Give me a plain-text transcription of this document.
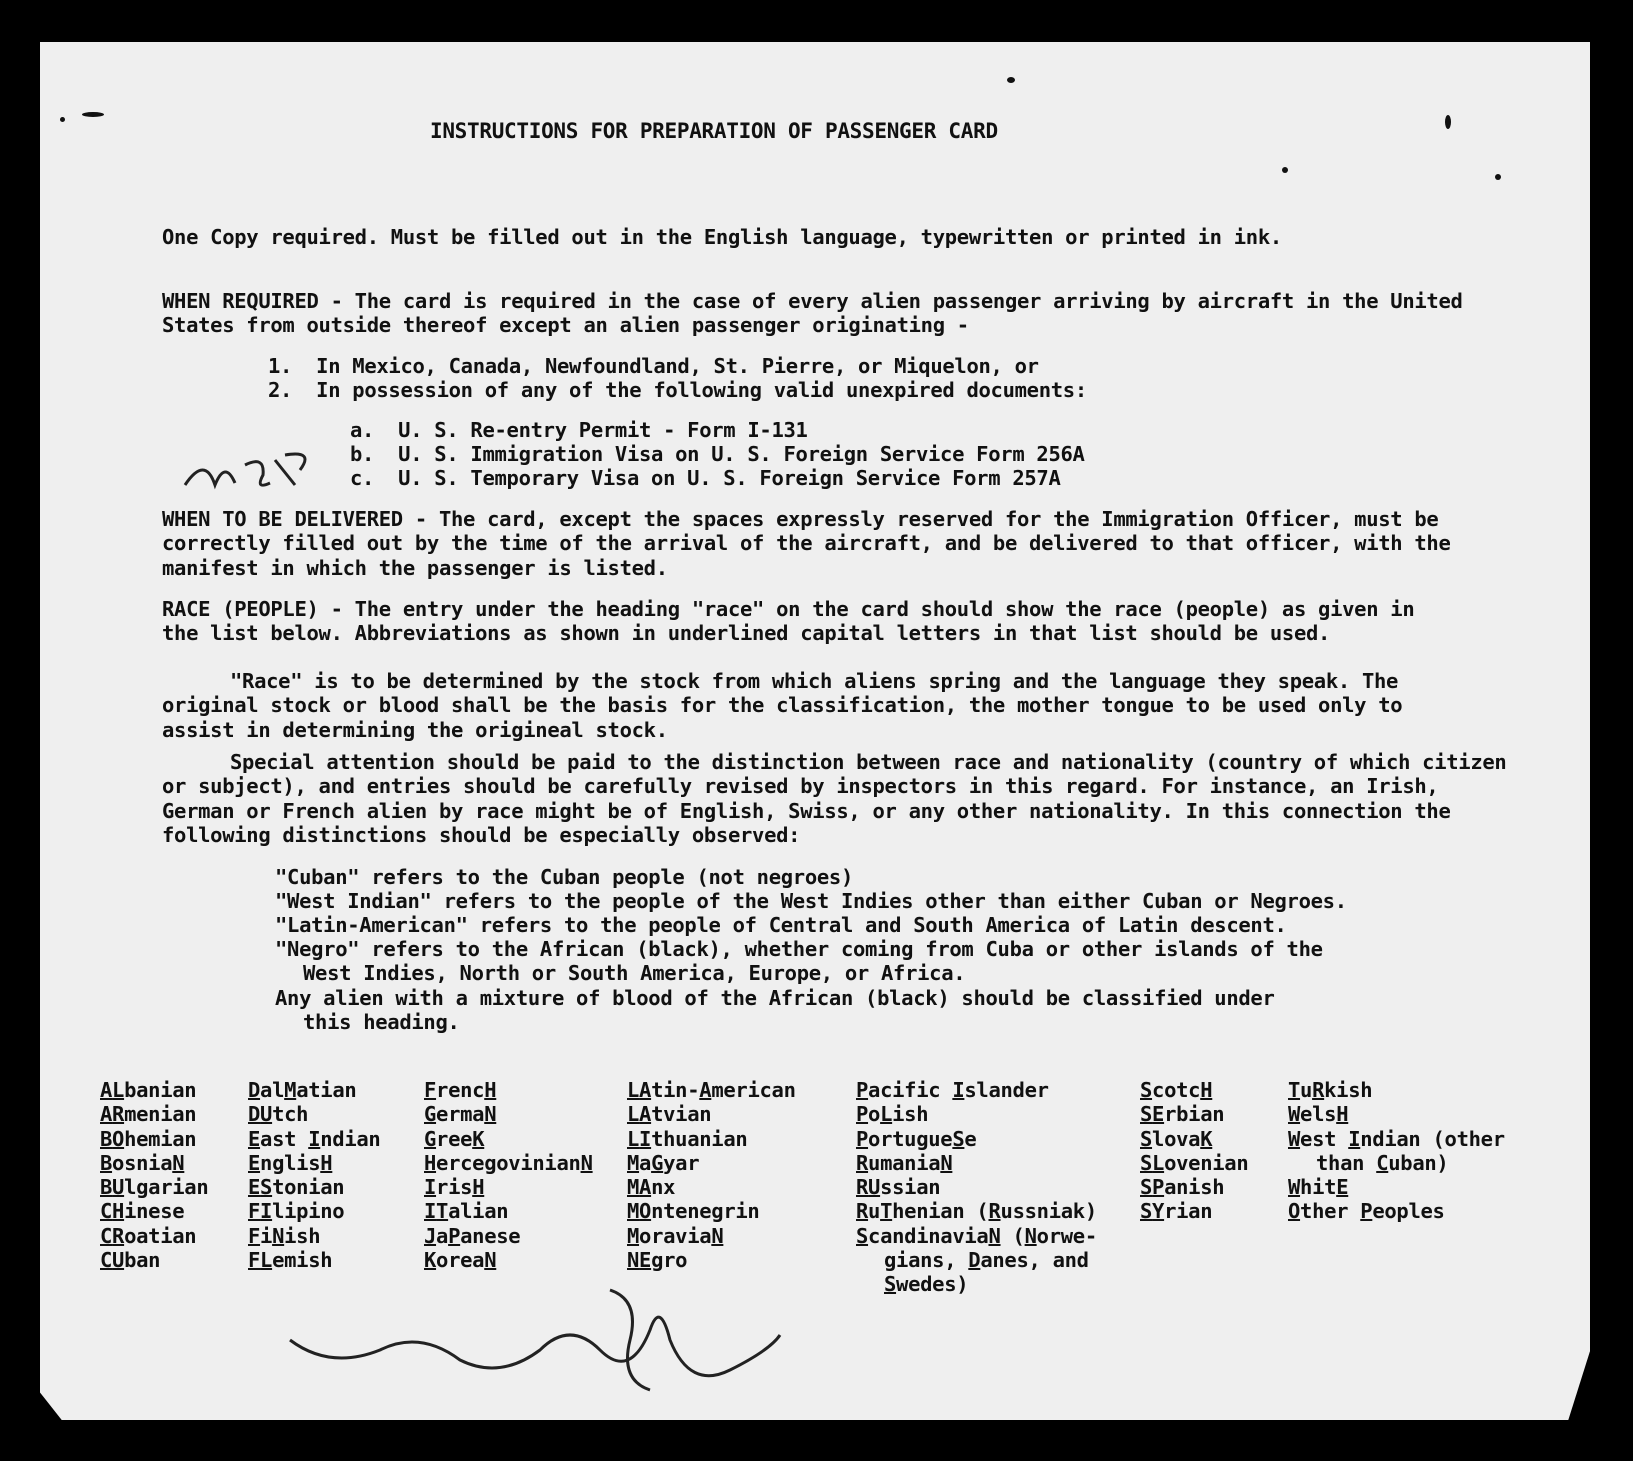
INSTRUCTIONS FOR PREPARATION OF PASSENGER CARD
One Copy required. Must be filled out in the English language, typewritten or printed in ink.
WHEN REQUIRED - The card is required in the case of every alien passenger arriving by aircraft in the United States from outside thereof except an alien passenger originating -
1.  In Mexico, Canada, Newfoundland, St. Pierre, or Miquelon, or
2.  In possession of any of the following valid unexpired documents:
a.  U. S. Re-entry Permit - Form I-131
b.  U. S. Immigration Visa on U. S. Foreign Service Form 256A
c.  U. S. Temporary Visa on U. S. Foreign Service Form 257A
WHEN TO BE DELIVERED - The card, except the spaces expressly reserved for the Immigration Officer, must be correctly filled out by the time of the arrival of the aircraft, and be delivered to that officer, with the manifest in which the passenger is listed.
RACE (PEOPLE) - The entry under the heading "race" on the card should show the race (people) as given in the list below. Abbreviations as shown in underlined capital letters in that list should be used.
"Race" is to be determined by the stock from which aliens spring and the language they speak. The original stock or blood shall be the basis for the classification, the mother tongue to be used only to assist in determining the origineal stock.
Special attention should be paid to the distinction between race and nationality (country of which citizen or subject), and entries should be carefully revised by inspectors in this regard. For instance, an Irish, German or French alien by race might be of English, Swiss, or any other nationality. In this connection the following distinctions should be especially observed:
"Cuban" refers to the Cuban people (not negroes)
"West Indian" refers to the people of the West Indies other than either Cuban or Negroes.
"Latin-American" refers to the people of Central and South America of Latin descent.
"Negro" refers to the African (black), whether coming from Cuba or other islands of the
West Indies, North or South America, Europe, or Africa.
Any alien with a mixture of blood of the African (black) should be classified under
this heading.
ALbanian
ARmenian
BOhemian
BosniaN
BUlgarian
CHinese
CRoatian
CUban
DalMatian
DUtch
East Indian
EnglisH
EStonian
FIlipino
FiNish
FLemish
FrencH
GermaN
GreeK
HercegovinianN
IrisH
ITalian
JaPanese
KoreaN
LAtin-American
LAtvian
LIthuanian
MaGyar
MAnx
MOntenegrin
MoraviaN
NEgro
Pacific Islander
PoLish
PortugueSe
RumaniaN
RUssian
RuThenian (Russniak)
ScandinaviaN (Norwe-
gians, Danes, and
Swedes)
ScotcH
SErbian
SlovaK
SLovenian
SPanish
SYrian
TuRkish
WelsH
West Indian (other
than Cuban)
WhitE
Other Peoples
